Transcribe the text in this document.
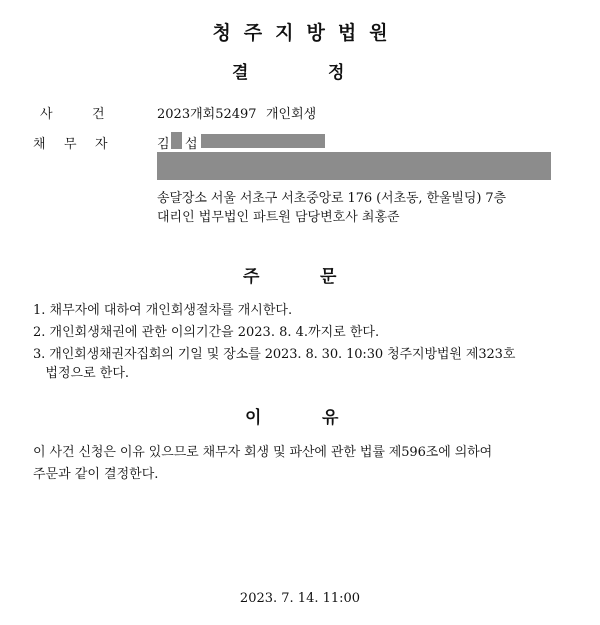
청주지방법원
결	정
사	건	2023개회52497 개인회생
채 무 자	김 섭
송달장소 서울 서초구 서초중앙로 176 (서초동, 한울빌딩) 7층
대리인 법무법인 파트원 담당변호사 최홍준
주	문
1. 채무자에 대하여 개인회생절차를 개시한다.
2. 개인회생채권에 관한 이의기간을 2023. 8. 4.까지로 한다.
3. 개인회생채권자집회의 기일 및 장소를 2023. 8. 30. 10:30 청주지방법원 제323호
법정으로 한다.
이	유
이 사건 신청은 이유 있으므로 채무자 회생 및 파산에 관한 법률 제596조에 의하여
주문과 같이 결정한다.
2023. 7. 14. 11:00
